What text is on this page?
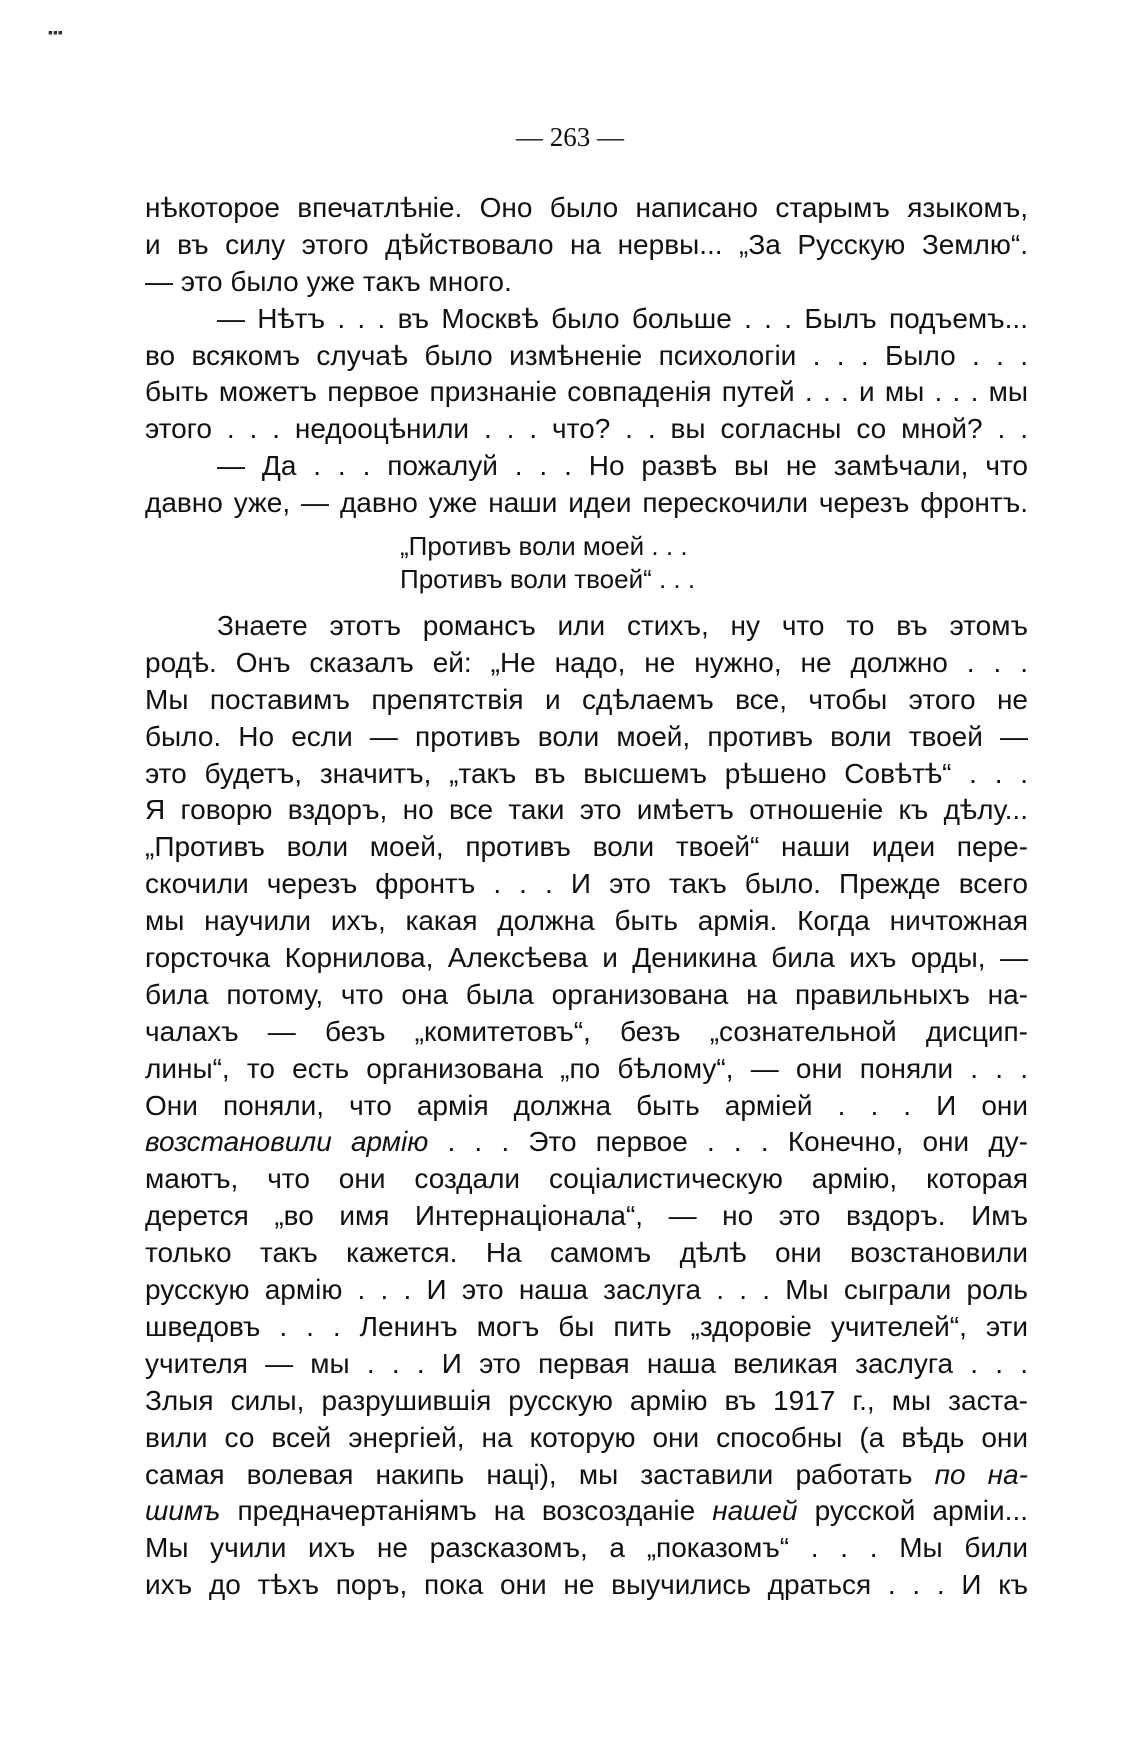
▪▪▪
— 263 —
нѣкоторое впечатлѣніе. Оно было написано старымъ языкомъ,
и въ силу этого дѣйствовало на нервы... „За Русскую Землю“.
— это было уже такъ много.
— Нѣтъ . . . въ Москвѣ было больше . . . Былъ подъемъ...
во всякомъ случаѣ было измѣненіе психологіи . . . Было . . .
быть можетъ первое признаніе совпаденія путей . . . и мы . . . мы
этого . . . недооцѣнили . . . что? . . вы согласны со мной? . .
— Да . . . пожалуй . . . Но развѣ вы не замѣчали, что
давно уже, — давно уже наши идеи перескочили черезъ фронтъ.
„Противъ воли моей . . .
Противъ воли твоей“ . . .
Знаете этотъ романсъ или стихъ, ну что то въ этомъ
родѣ. Онъ сказалъ ей: „Не надо, не нужно, не должно . . .
Мы поставимъ препятствія и сдѣлаемъ все, чтобы этого не
было. Но если — противъ воли моей, противъ воли твоей —
это будетъ, значитъ, „такъ въ высшемъ рѣшено Совѣтѣ“ . . .
Я говорю вздоръ, но все таки это имѣетъ отношеніе къ дѣлу...
„Противъ воли моей, противъ воли твоей“ наши идеи пере-
скочили черезъ фронтъ . . . И это такъ было. Прежде всего
мы научили ихъ, какая должна быть армія. Когда ничтожная
горсточка Корнилова, Алексѣева и Деникина била ихъ орды, —
била потому, что она была организована на правильныхъ на-
чалахъ — безъ „комитетовъ“, безъ „сознательной дисцип-
лины“, то есть организована „по бѣлому“, — они поняли . . .
Они поняли, что армія должна быть арміей . . . И они
возстановили армію . . . Это первое . . . Конечно, они ду-
маютъ, что они создали соціалистическую армію, которая
дерется „во имя Интернаціонала“, — но это вздоръ. Имъ
только такъ кажется. На самомъ дѣлѣ они возстановили
русскую армію . . . И это наша заслуга . . . Мы сыграли роль
шведовъ . . . Ленинъ могъ бы пить „здоровіе учителей“, эти
учителя — мы . . . И это первая наша великая заслуга . . .
Злыя силы, разрушившія русскую армію въ 1917 г., мы заста-
вили со всей энергіей, на которую они способны (а вѣдь они
самая волевая накипь наці), мы заставили работать по на-
шимъ предначертаніямъ на возсозданіе нашей русской арміи...
Мы учили ихъ не разсказомъ, а „показомъ“ . . . Мы били
ихъ до тѣхъ поръ, пока они не выучились драться . . . И къ
